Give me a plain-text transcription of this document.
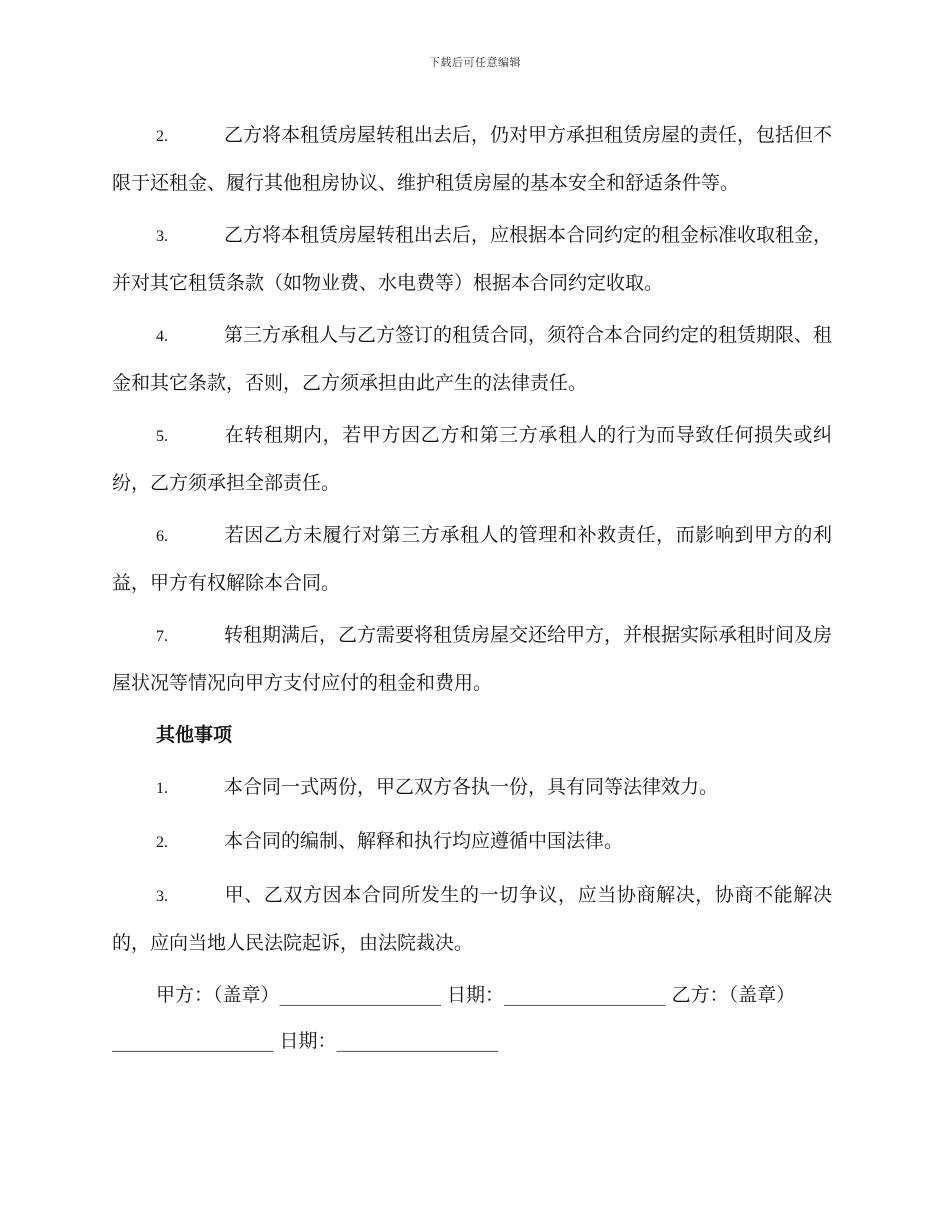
下载后可任意编辑

2.	乙方将本租赁房屋转租出去后，仍对甲方承担租赁房屋的责任，包括但不限于还租金、履行其他租房协议、维护租赁房屋的基本安全和舒适条件等。

3.	乙方将本租赁房屋转租出去后，应根据本合同约定的租金标准收取租金，并对其它租赁条款（如物业费、水电费等）根据本合同约定收取。

4.	第三方承租人与乙方签订的租赁合同，须符合本合同约定的租赁期限、租金和其它条款，否则，乙方须承担由此产生的法律责任。

5.	在转租期内，若甲方因乙方和第三方承租人的行为而导致任何损失或纠纷，乙方须承担全部责任。

6.	若因乙方未履行对第三方承租人的管理和补救责任，而影响到甲方的利益，甲方有权解除本合同。

7.	转租期满后，乙方需要将租赁房屋交还给甲方，并根据实际承租时间及房屋状况等情况向甲方支付应付的租金和费用。

其他事项

1.	本合同一式两份，甲乙双方各执一份，具有同等法律效力。

2.	本合同的编制、解释和执行均应遵循中国法律。

3.	甲、乙双方因本合同所发生的一切争议，应当协商解决，协商不能解决的，应向当地人民法院起诉，由法院裁决。

甲方：（盖章）_________________ 日期：_________________ 乙方：（盖章）_________________ 日期：_________________
